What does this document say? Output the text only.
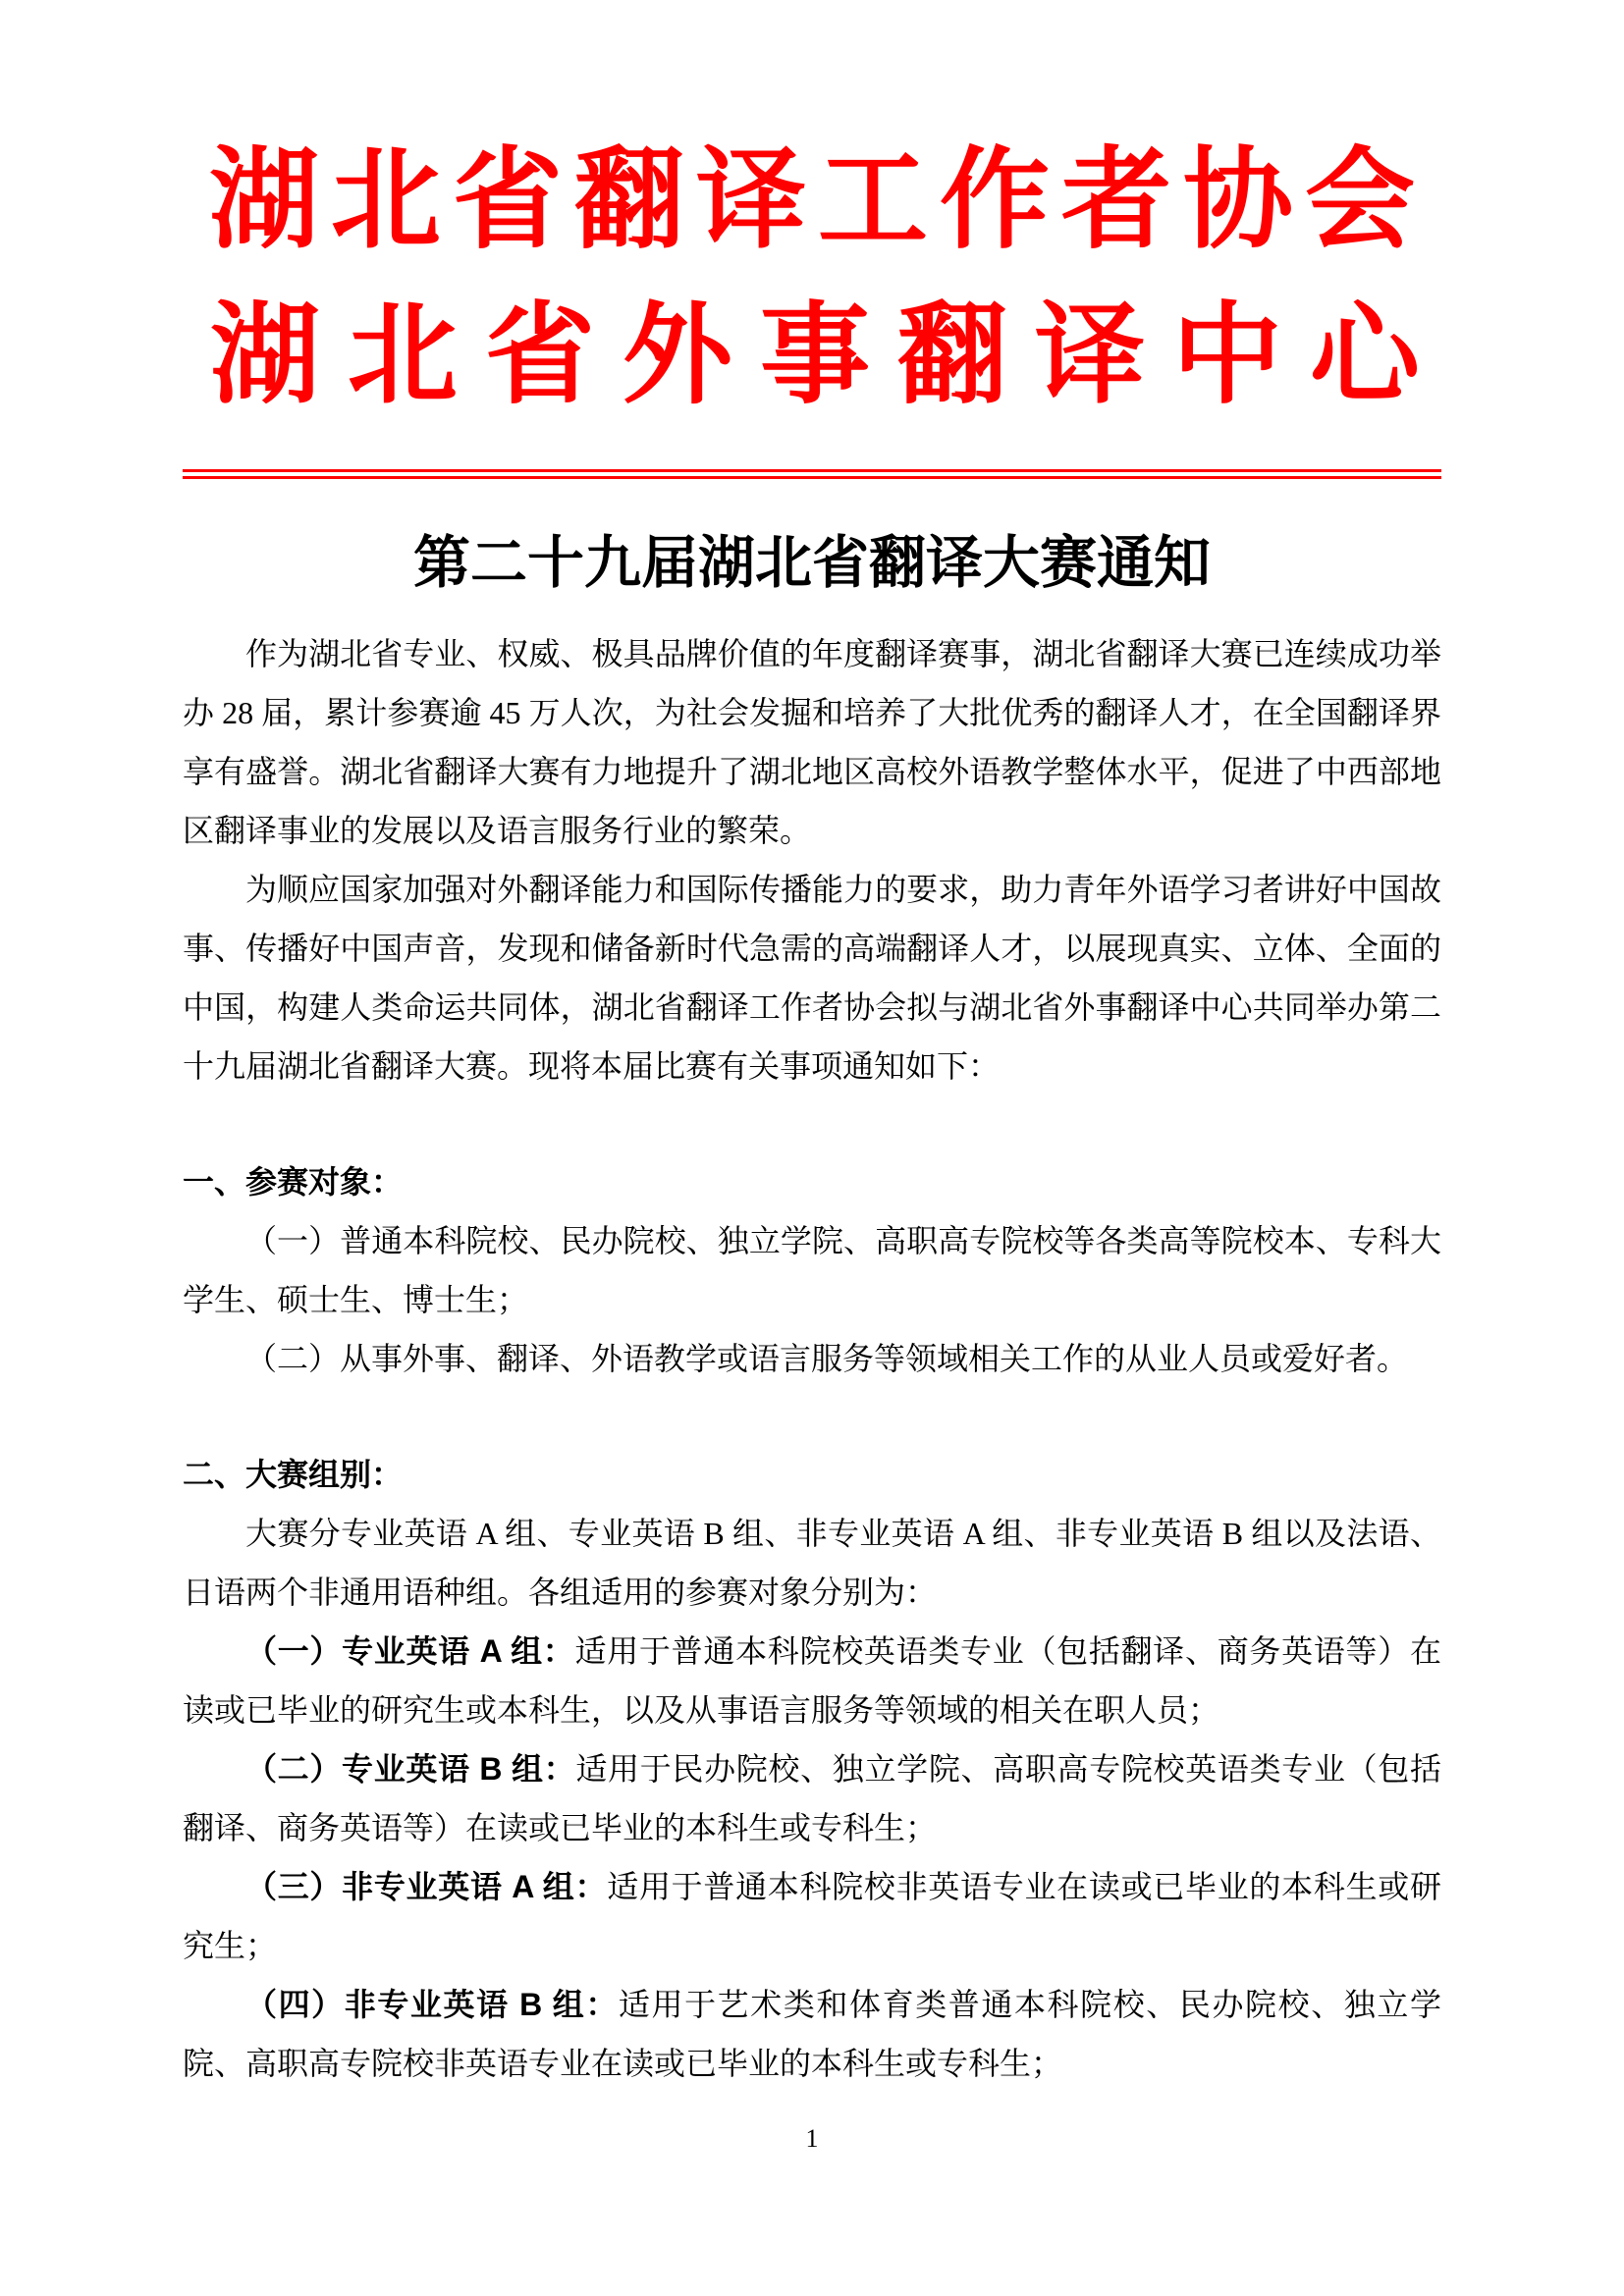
湖北省翻译工作者协会
湖北省外事翻译中心
第二十九届湖北省翻译大赛通知

作为湖北省专业、权威、极具品牌价值的年度翻译赛事，湖北省翻译大赛已连续成功举办 28 届，累计参赛逾 45 万人次，为社会发掘和培养了大批优秀的翻译人才，在全国翻译界享有盛誉。湖北省翻译大赛有力地提升了湖北地区高校外语教学整体水平，促进了中西部地区翻译事业的发展以及语言服务行业的繁荣。

为顺应国家加强对外翻译能力和国际传播能力的要求，助力青年外语学习者讲好中国故事、传播好中国声音，发现和储备新时代急需的高端翻译人才，以展现真实、立体、全面的中国，构建人类命运共同体，湖北省翻译工作者协会拟与湖北省外事翻译中心共同举办第二十九届湖北省翻译大赛。现将本届比赛有关事项通知如下：

一、参赛对象：

（一）普通本科院校、民办院校、独立学院、高职高专院校等各类高等院校本、专科大学生、硕士生、博士生；

（二）从事外事、翻译、外语教学或语言服务等领域相关工作的从业人员或爱好者。

二、大赛组别：

大赛分专业英语 A 组、专业英语 B 组、非专业英语 A 组、非专业英语 B 组以及法语、日语两个非通用语种组。各组适用的参赛对象分别为：

（一）专业英语 A 组：适用于普通本科院校英语类专业（包括翻译、商务英语等）在读或已毕业的研究生或本科生，以及从事语言服务等领域的相关在职人员；

（二）专业英语 B 组：适用于民办院校、独立学院、高职高专院校英语类专业（包括翻译、商务英语等）在读或已毕业的本科生或专科生；

（三）非专业英语 A 组：适用于普通本科院校非英语专业在读或已毕业的本科生或研究生；

（四）非专业英语 B 组：适用于艺术类和体育类普通本科院校、民办院校、独立学院、高职高专院校非英语专业在读或已毕业的本科生或专科生；

1
